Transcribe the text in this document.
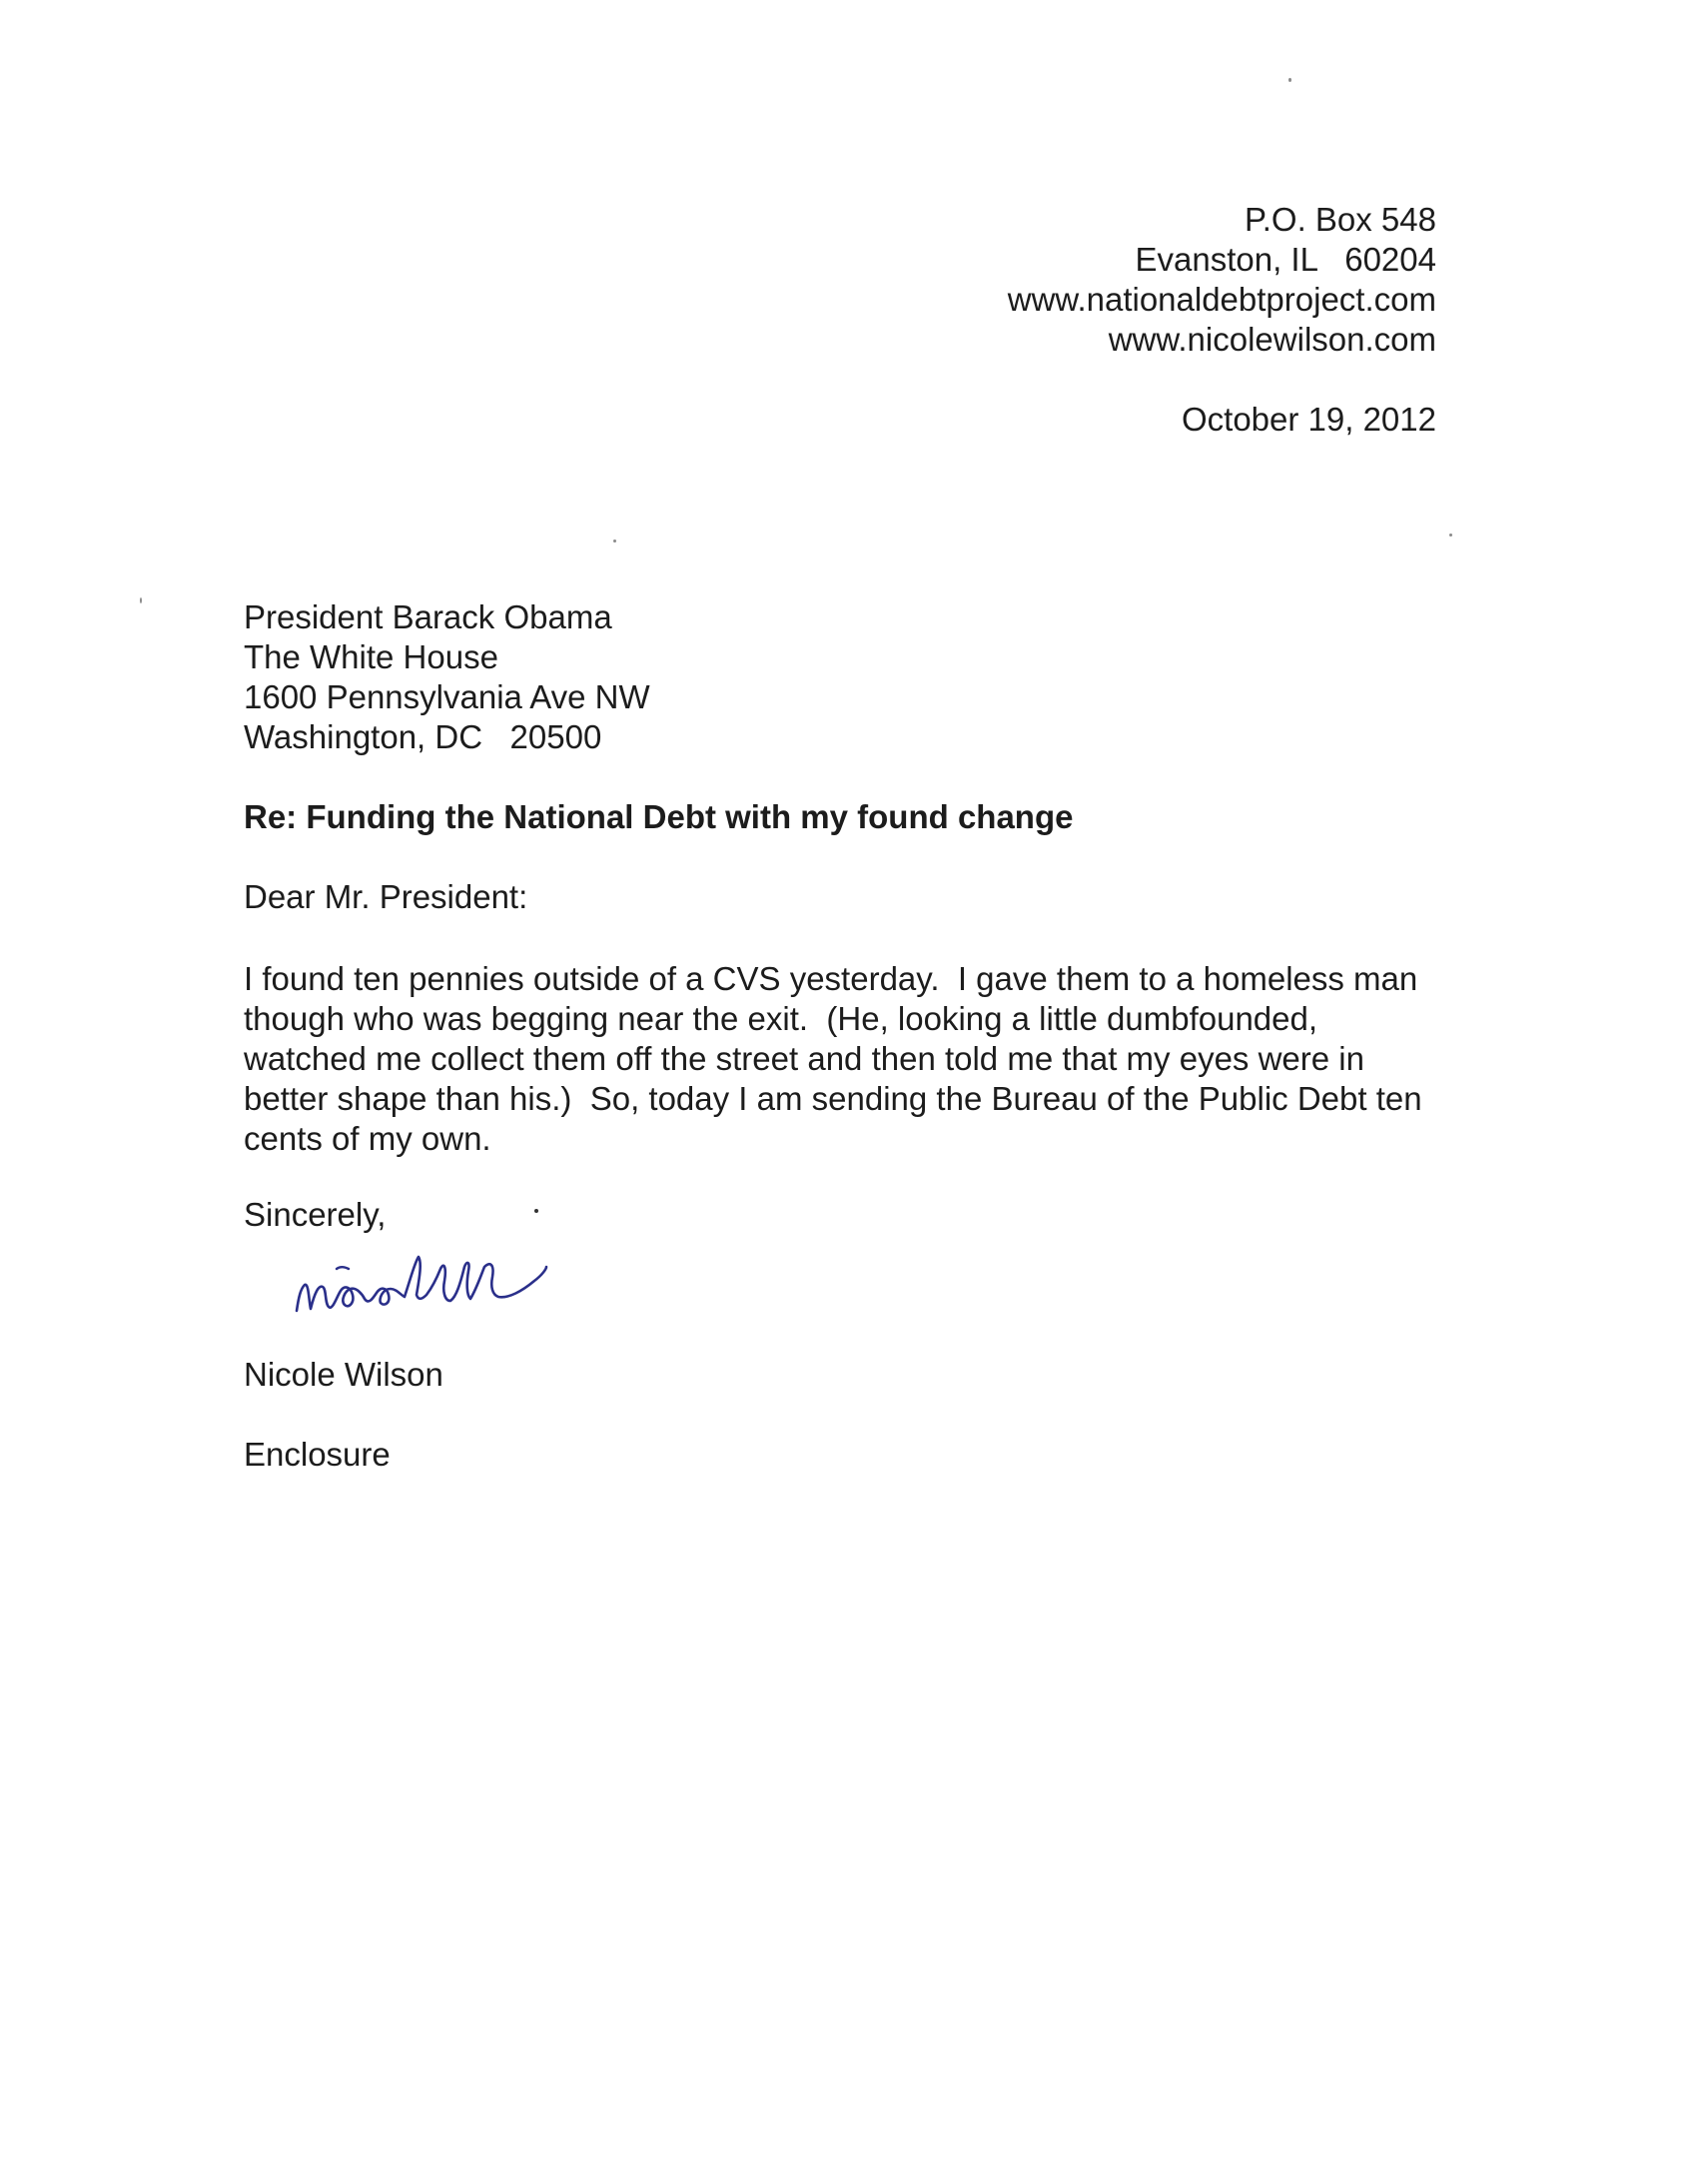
P.O. Box 548
Evanston, IL   60204
www.nationaldebtproject.com
www.nicolewilson.com
October 19, 2012
President Barack Obama
The White House
1600 Pennsylvania Ave NW
Washington, DC   20500
Re: Funding the National Debt with my found change
Dear Mr. President:
I found ten pennies outside of a CVS yesterday.  I gave them to a homeless man
though who was begging near the exit.  (He, looking a little dumbfounded,
watched me collect them off the street and then told me that my eyes were in
better shape than his.)  So, today I am sending the Bureau of the Public Debt ten
cents of my own.
Sincerely,
Nicole Wilson
Enclosure
